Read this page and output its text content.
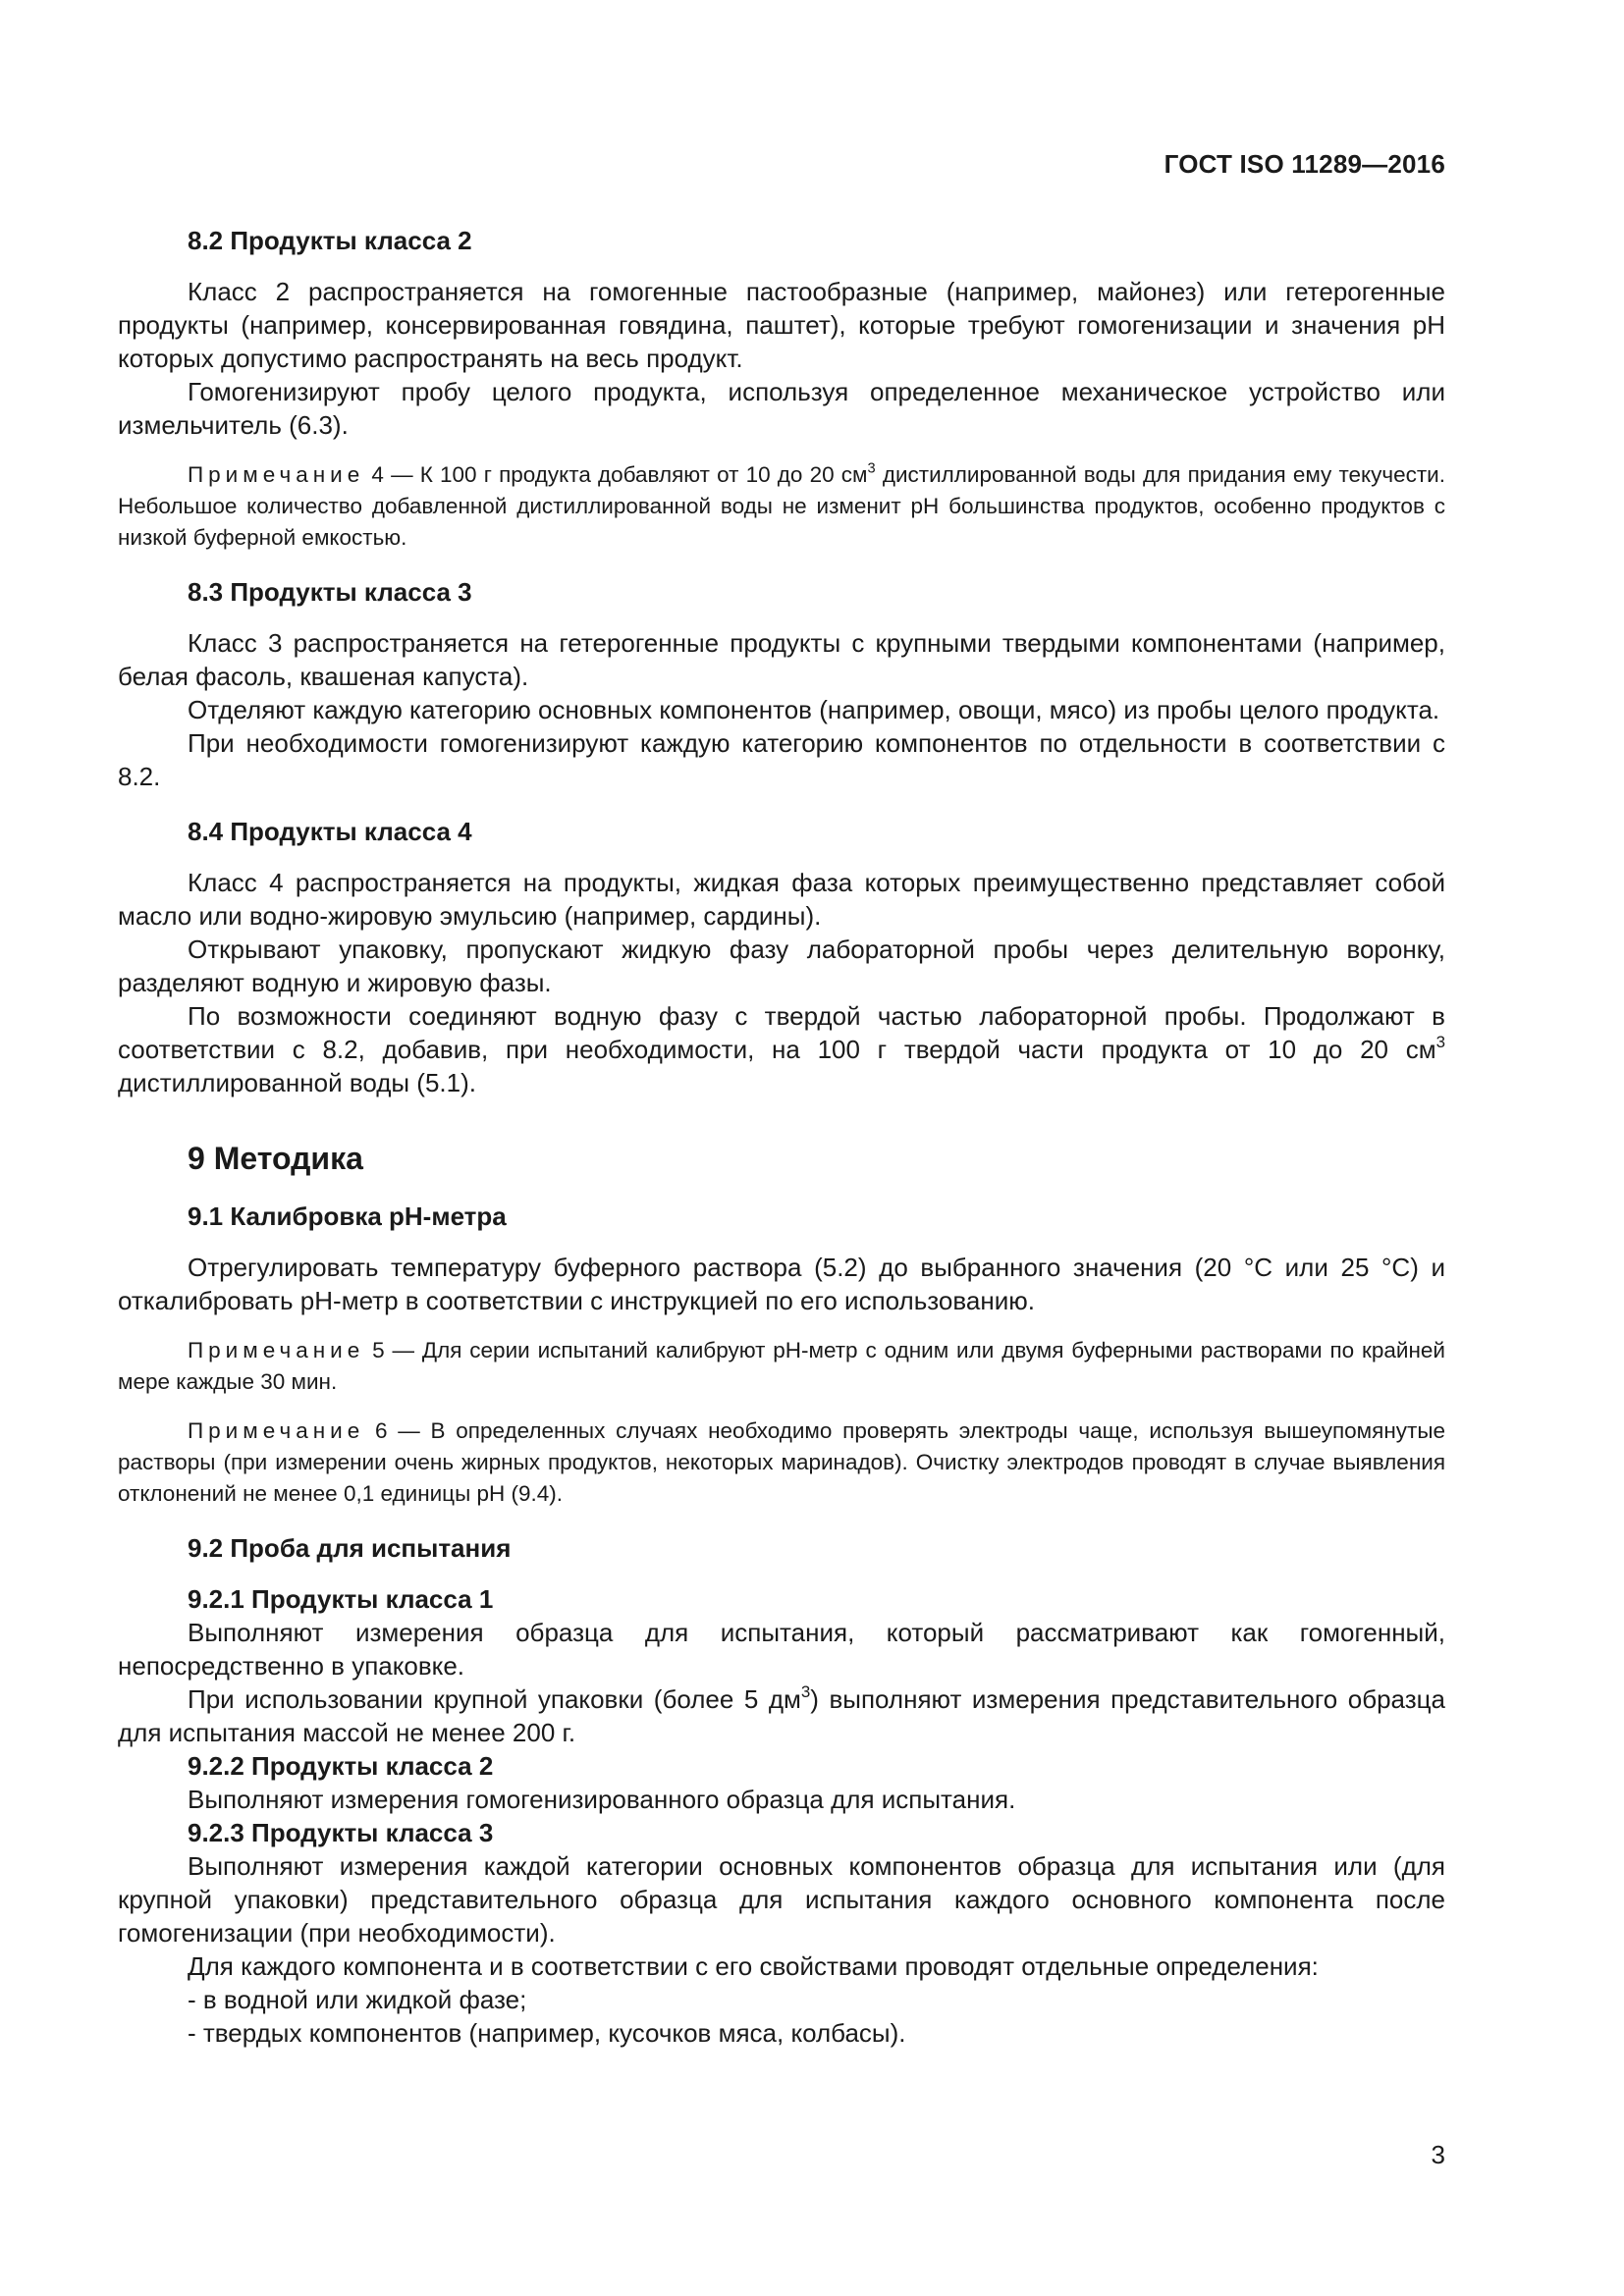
ГОСТ ISO 11289—2016

8.2 Продукты класса 2

Класс 2 распространяется на гомогенные пастообразные (например, майонез) или гетерогенные продукты (например, консервированная говядина, паштет), которые требуют гомогенизации и значения pH которых допустимо распространять на весь продукт.

Гомогенизируют пробу целого продукта, используя определенное механическое устройство или измельчитель (6.3).

Примечание 4 — К 100 г продукта добавляют от 10 до 20 $см^3$ дистиллированной воды для придания ему текучести. Небольшое количество добавленной дистиллированной воды не изменит pH большинства продуктов, особенно продуктов с низкой буферной емкостью.

8.3 Продукты класса 3

Класс 3 распространяется на гетерогенные продукты с крупными твердыми компонентами (например, белая фасоль, квашеная капуста).

Отделяют каждую категорию основных компонентов (например, овощи, мясо) из пробы целого продукта.

При необходимости гомогенизируют каждую категорию компонентов по отдельности в соответствии с 8.2.

8.4 Продукты класса 4

Класс 4 распространяется на продукты, жидкая фаза которых преимущественно представляет собой масло или водно-жировую эмульсию (например, сардины).

Открывают упаковку, пропускают жидкую фазу лабораторной пробы через делительную воронку, разделяют водную и жировую фазы.

По возможности соединяют водную фазу с твердой частью лабораторной пробы. Продолжают в соответствии с 8.2, добавив, при необходимости, на 100 г твердой части продукта от 10 до 20 $см^3$ дистиллированной воды (5.1).

9 Методика

9.1 Калибровка pH-метра

Отрегулировать температуру буферного раствора (5.2) до выбранного значения (20 °C или 25 °C) и откалибровать pH-метр в соответствии с инструкцией по его использованию.

Примечание 5 — Для серии испытаний калибруют pH-метр с одним или двумя буферными растворами по крайней мере каждые 30 мин.

Примечание 6 — В определенных случаях необходимо проверять электроды чаще, используя вышеупомянутые растворы (при измерении очень жирных продуктов, некоторых маринадов). Очистку электродов проводят в случае выявления отклонений не менее 0,1 единицы pH (9.4).

9.2 Проба для испытания

9.2.1 Продукты класса 1

Выполняют измерения образца для испытания, который рассматривают как гомогенный, непосредственно в упаковке.

При использовании крупной упаковки (более 5 $дм^3$) выполняют измерения представительного образца для испытания массой не менее 200 г.

9.2.2 Продукты класса 2

Выполняют измерения гомогенизированного образца для испытания.

9.2.3 Продукты класса 3

Выполняют измерения каждой категории основных компонентов образца для испытания или (для крупной упаковки) представительного образца для испытания каждого основного компонента после гомогенизации (при необходимости).

Для каждого компонента и в соответствии с его свойствами проводят отдельные определения:

- в водной или жидкой фазе;

- твердых компонентов (например, кусочков мяса, колбасы).

3
